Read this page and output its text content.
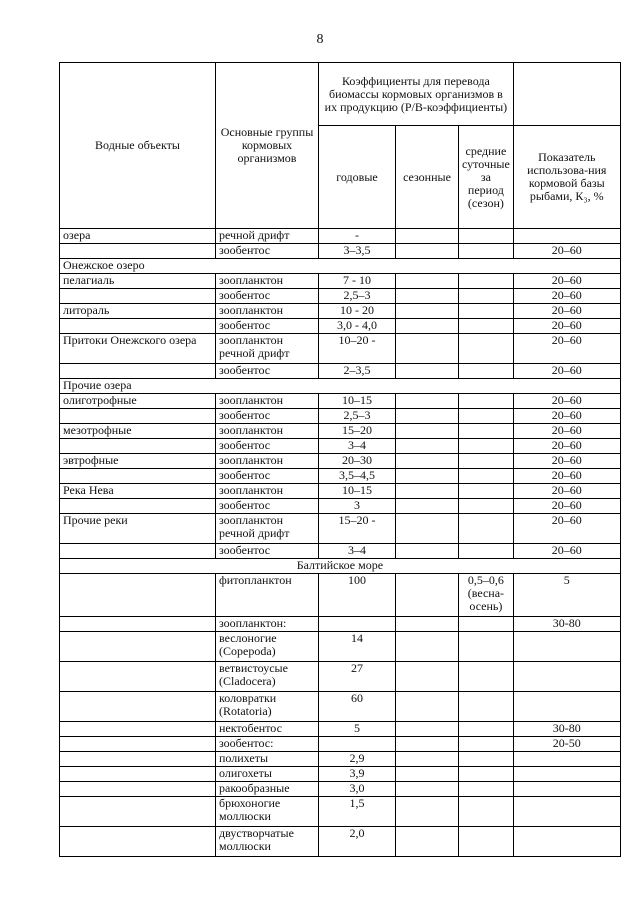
8
Водные объекты	Основные группы кормовых организмов	Коэффициенты для перевода биомассы кормовых организмов в их продукцию (Р/В-коэффициенты)			
		годовые	сезонные	средние суточные за период (сезон)	Показатель использова-ния кормовой базы рыбами, К₃, %
озера	речной дрифт	-			
	зообентос	3–3,5			20–60
Онежское озеро					
пелагиаль	зоопланктон	7 - 10			20–60
	зообентос	2,5–3			20–60
литораль	зоопланктон	10 - 20			20–60
	зообентос	3,0 - 4,0			20–60
Притоки Онежского озера	зоопланктон речной дрифт	10–20 -			20–60
	зообентос	2–3,5			20–60
Прочие озера					
олиготрофные	зоопланктон	10–15			20–60
	зообентос	2,5–3			20–60
мезотрофные	зоопланктон	15–20			20–60
	зообентос	3–4			20–60
эвтрофные	зоопланктон	20–30			20–60
	зообентос	3,5–4,5			20–60
Река Нева	зоопланктон	10–15			20–60
	зообентос	3			20–60
Прочие реки	зоопланктон речной дрифт	15–20 -			20–60
	зообентос	3–4			20–60
Балтийское море					
	фитопланктон	100		0,5–0,6 (весна-осень)	5
	зоопланктон:				30-80
	веслоногие (Copepoda)	14			
	ветвистоусые (Cladocera)	27			
	коловратки (Rotatoria)	60			
	нектобентос	5			30-80
	зообентос:				20-50
	полихеты	2,9			
	олигохеты	3,9			
	ракообразные	3,0			
	брюхоногие моллюски	1,5			
	двустворчатые моллюски	2,0			
